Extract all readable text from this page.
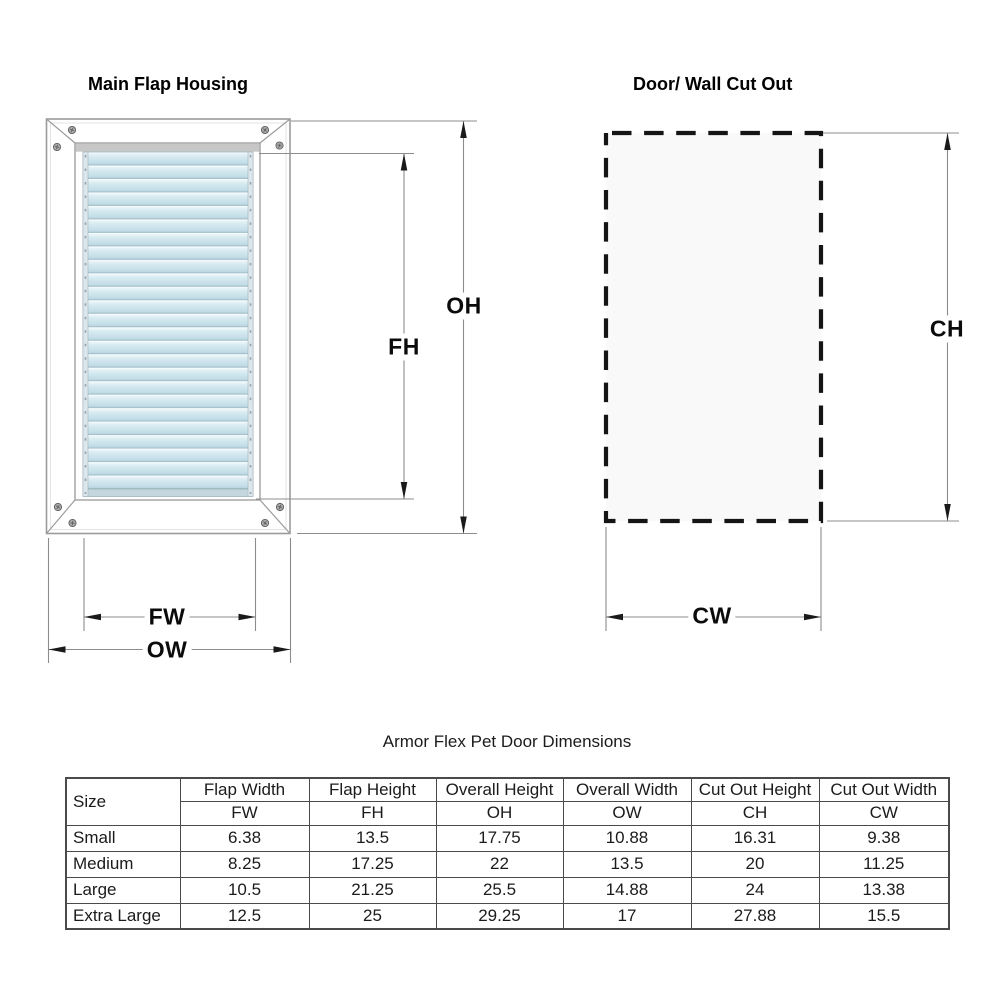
Main Flap Housing	Door/ Wall Cut Out
OH
FH
FW
OW
CH
CW
Armor Flex Pet Door Dimensions
Size	Flap Width	Flap Height	Overall Height	Overall Width	Cut Out Height	Cut Out Width
	FW	FH	OH	OW	CH	CW
Small	6.38	13.5	17.75	10.88	16.31	9.38
Medium	8.25	17.25	22	13.5	20	11.25
Large	10.5	21.25	25.5	14.88	24	13.38
Extra Large	12.5	25	29.25	17	27.88	15.5
